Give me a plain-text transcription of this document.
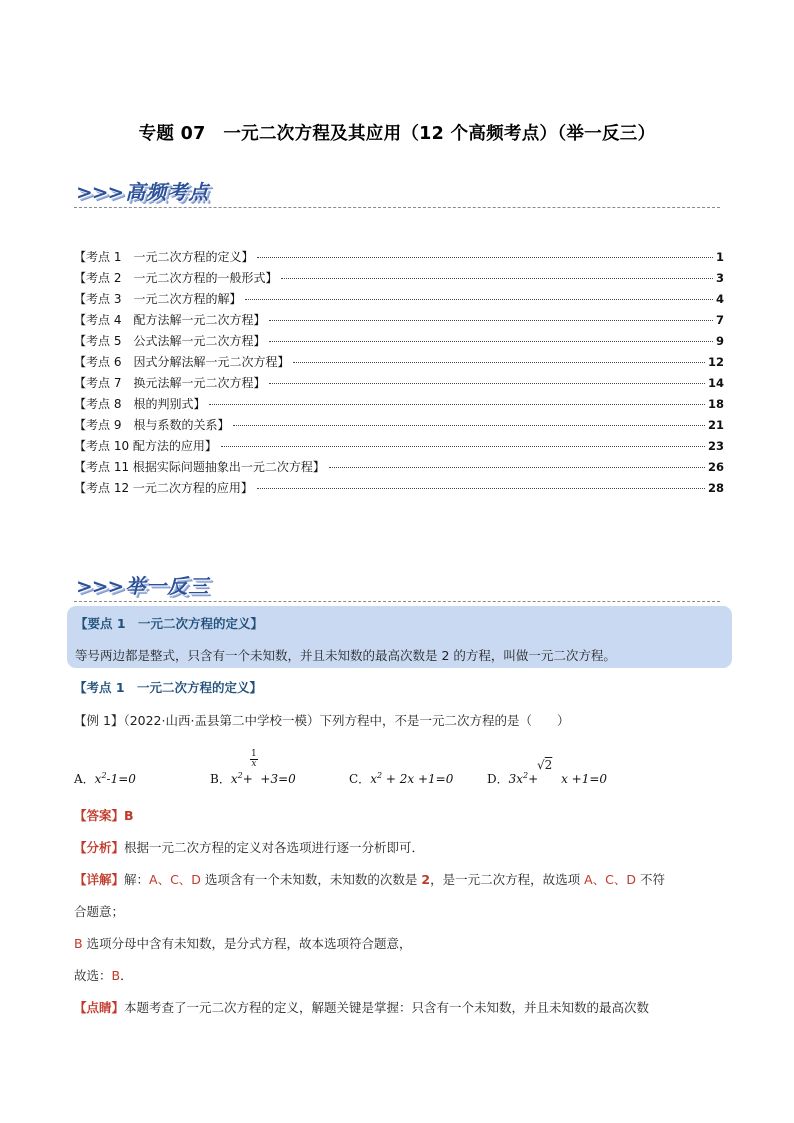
专题 07　一元二次方程及其应用（12 个高频考点）（举一反三）
>>> 高频考点
【考点 1　一元二次方程的定义】	1
【考点 2　一元二次方程的一般形式】	3
【考点 3　一元二次方程的解】	4
【考点 4　配方法解一元二次方程】	7
【考点 5　公式法解一元二次方程】	9
【考点 6　因式分解法解一元二次方程】	12
【考点 7　换元法解一元二次方程】	14
【考点 8　根的判别式】	18
【考点 9　根与系数的关系】	21
【考点 10 配方法的应用】	23
【考点 11 根据实际问题抽象出一元二次方程】	26
【考点 12 一元二次方程的应用】	28
>>> 举一反三
【要点 1　一元二次方程的定义】
等号两边都是整式，只含有一个未知数，并且未知数的最高次数是 2 的方程，叫做一元二次方程。
【考点 1　一元二次方程的定义】
【例 1】（2022·山西·盂县第二中学校一模）下列方程中，不是一元二次方程的是（　　）
A．$x^2-1=0$	B．$x^2+ +3=0$
$\frac{1}{x}$
C．$x^2 + 2x +1=0$	D．$3x^2+$      x +1=0
√2
【答案】B
【分析】根据一元二次方程的定义对各选项进行逐一分析即可．
【详解】解：A、C、D 选项含有一个未知数，未知数的次数是 2，是一元二次方程，故选项 A、C、D 不符
合题意；
B 选项分母中含有未知数，是分式方程，故本选项符合题意，
故选：B．
【点睛】本题考查了一元二次方程的定义，解题关键是掌握：只含有一个未知数，并且未知数的最高次数
